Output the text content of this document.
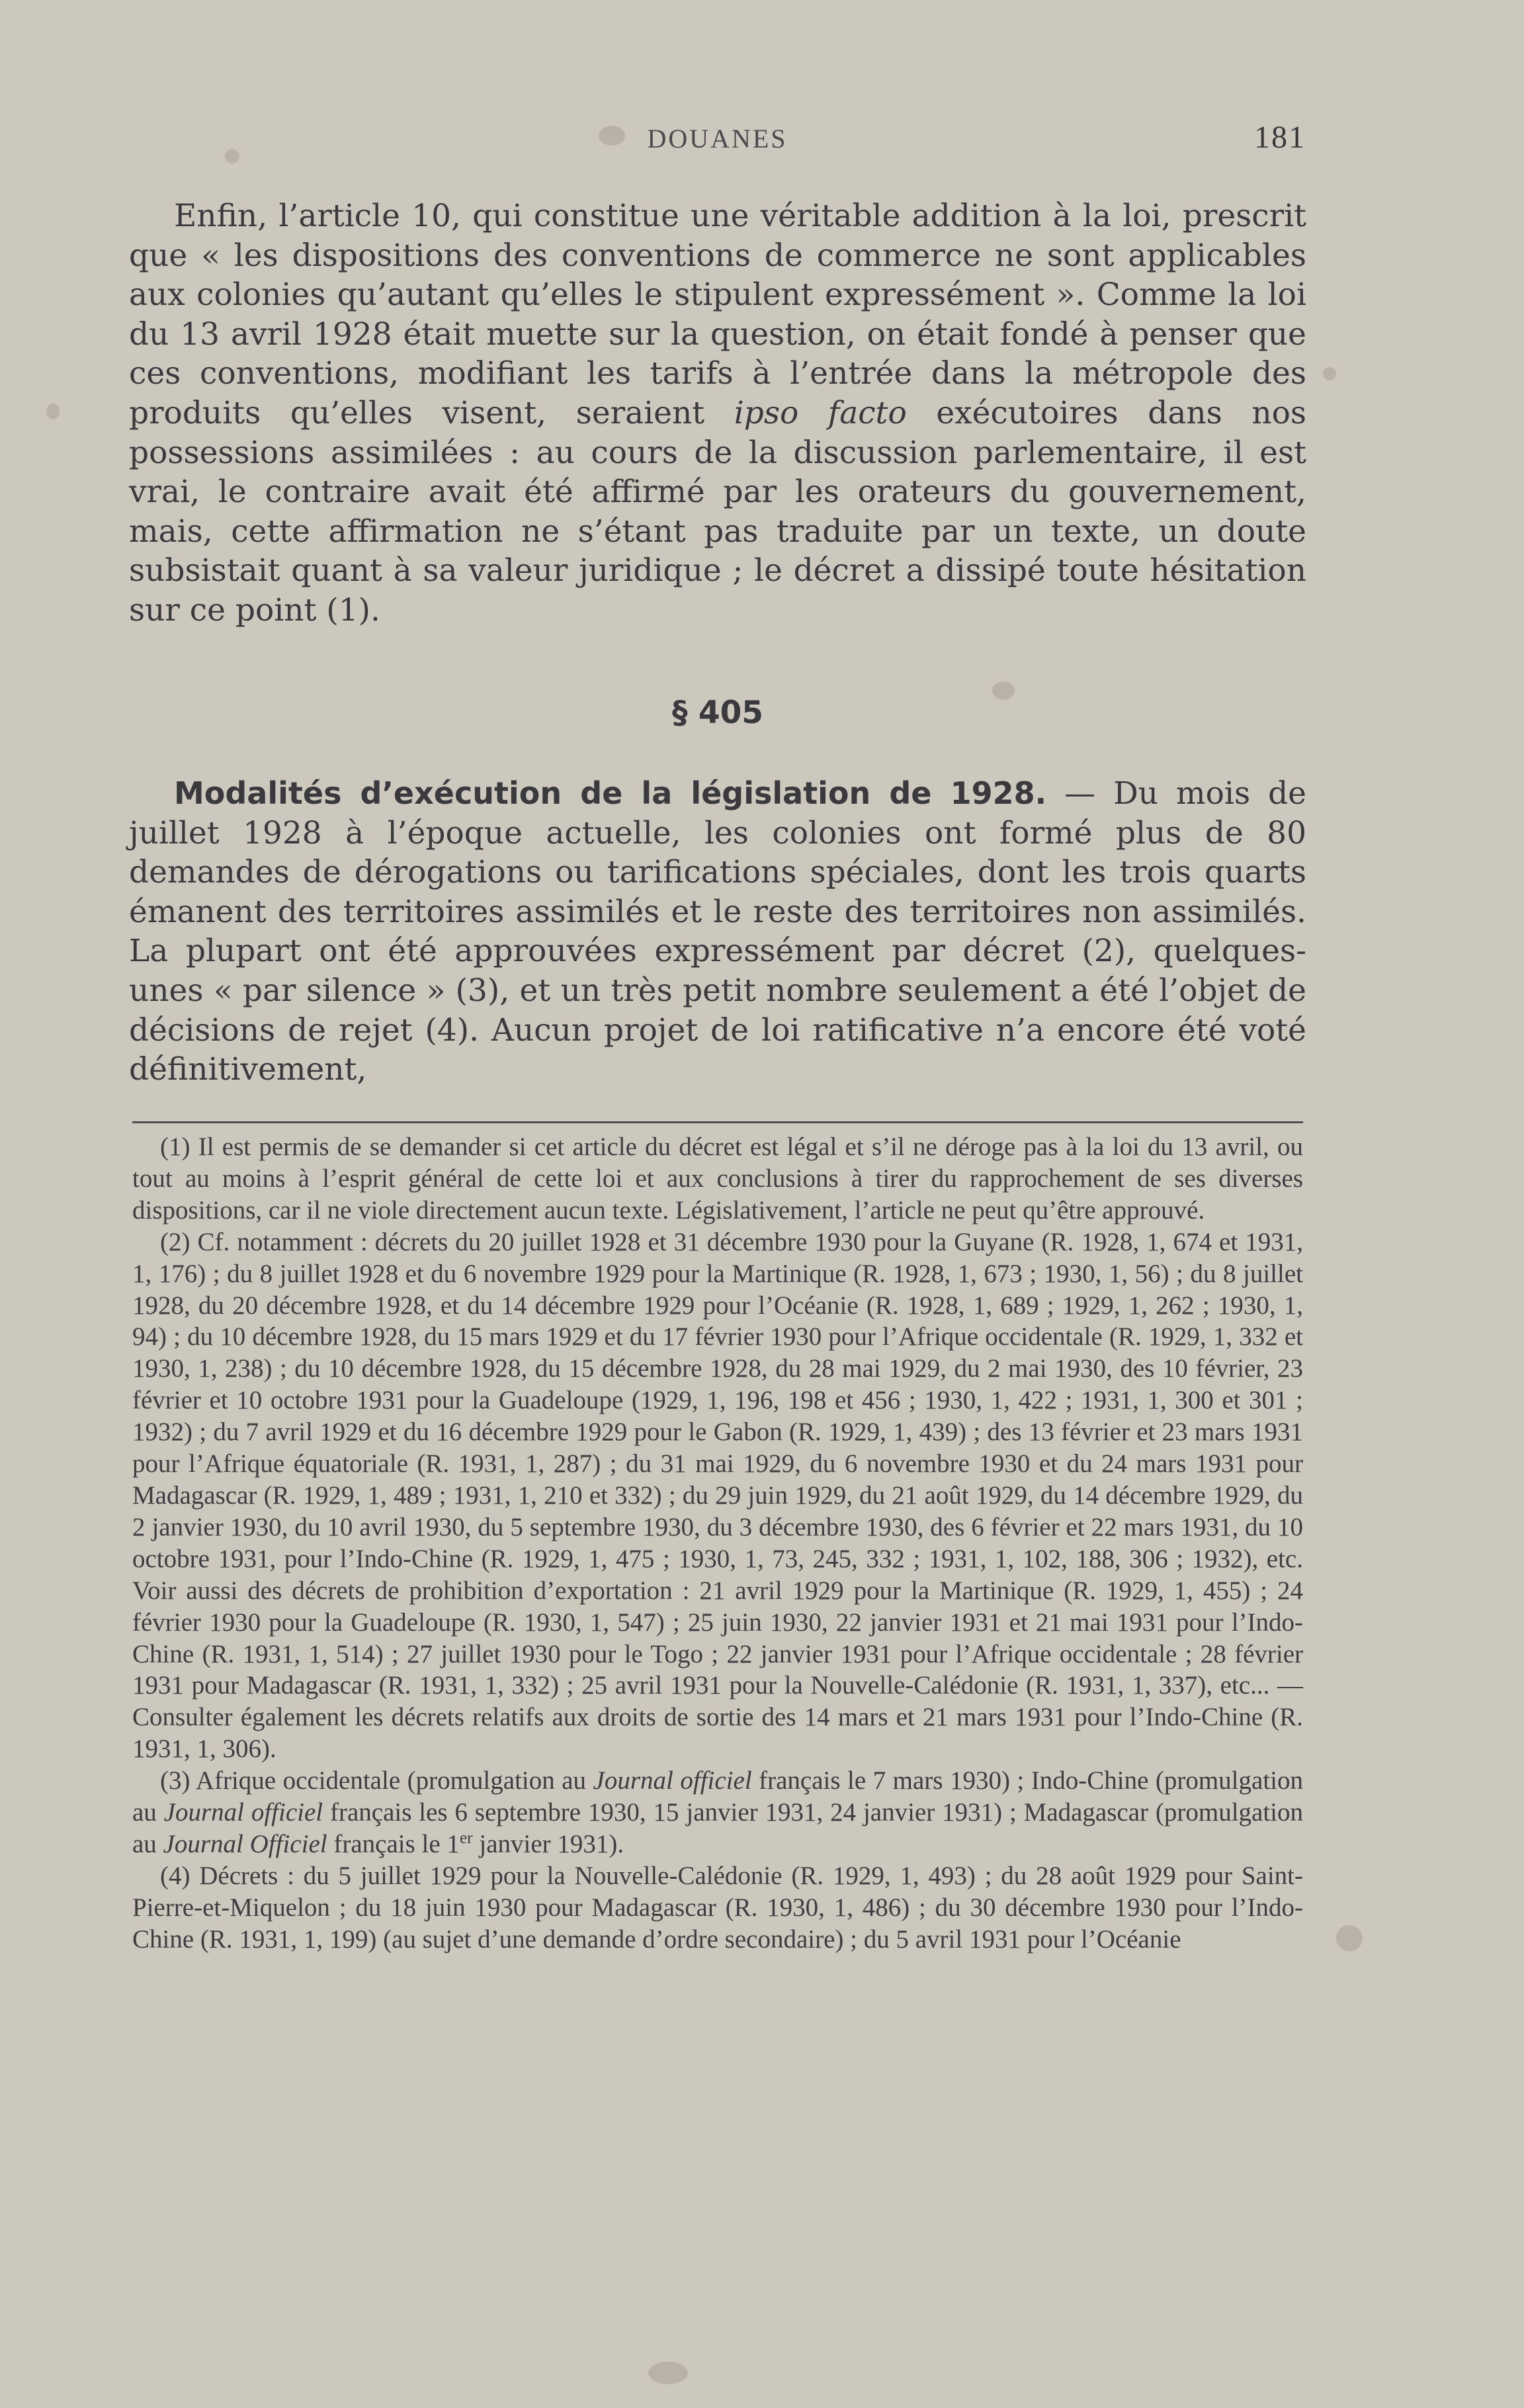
DOUANES	181
Enfin, l’article 10, qui constitue une véritable addition à la loi, prescrit que « les dispositions des conventions de commerce ne sont applicables aux colonies qu’autant qu’elles le stipulent expressément ». Comme la loi du 13 avril 1928 était muette sur la question, on était fondé à penser que ces conventions, modifiant les tarifs à l’entrée dans la métropole des produits qu’elles visent, seraient ipso facto exécutoires dans nos possessions assimilées : au cours de la discussion parlementaire, il est vrai, le contraire avait été affirmé par les orateurs du gouvernement, mais, cette affirmation ne s’étant pas traduite par un texte, un doute subsistait quant à sa valeur juridique ; le décret a dissipé toute hésitation sur ce point (1).
§ 405
Modalités d’exécution de la législation de 1928. — Du mois de juillet 1928 à l’époque actuelle, les colonies ont formé plus de 80 demandes de dérogations ou tarifications spéciales, dont les trois quarts émanent des territoires assimilés et le reste des territoires non assimilés. La plupart ont été approuvées expressément par décret (2), quelques-unes « par silence » (3), et un très petit nombre seulement a été l’objet de décisions de rejet (4). Aucun projet de loi ratificative n’a encore été voté définitivement,

(1) Il est permis de se demander si cet article du décret est légal et s’il ne déroge pas à la loi du 13 avril, ou tout au moins à l’esprit général de cette loi et aux conclusions à tirer du rapprochement de ses diverses dispositions, car il ne viole directement aucun texte. Législativement, l’article ne peut qu’être approuvé.

(2) Cf. notamment : décrets du 20 juillet 1928 et 31 décembre 1930 pour la Guyane (R. 1928, 1, 674 et 1931, 1, 176) ; du 8 juillet 1928 et du 6 novembre 1929 pour la Martinique (R. 1928, 1, 673 ; 1930, 1, 56) ; du 8 juillet 1928, du 20 décembre 1928, et du 14 décembre 1929 pour l’Océanie (R. 1928, 1, 689 ; 1929, 1, 262 ; 1930, 1, 94) ; du 10 décembre 1928, du 15 mars 1929 et du 17 février 1930 pour l’Afrique occidentale (R. 1929, 1, 332 et 1930, 1, 238) ; du 10 décembre 1928, du 15 décembre 1928, du 28 mai 1929, du 2 mai 1930, des 10 février, 23 février et 10 octobre 1931 pour la Guadeloupe (1929, 1, 196, 198 et 456 ; 1930, 1, 422 ; 1931, 1, 300 et 301 ; 1932) ; du 7 avril 1929 et du 16 décembre 1929 pour le Gabon (R. 1929, 1, 439) ; des 13 février et 23 mars 1931 pour l’Afrique équatoriale (R. 1931, 1, 287) ; du 31 mai 1929, du 6 novembre 1930 et du 24 mars 1931 pour Madagascar (R. 1929, 1, 489 ; 1931, 1, 210 et 332) ; du 29 juin 1929, du 21 août 1929, du 14 décembre 1929, du 2 janvier 1930, du 10 avril 1930, du 5 septembre 1930, du 3 décembre 1930, des 6 février et 22 mars 1931, du 10 octobre 1931, pour l’Indo-Chine (R. 1929, 1, 475 ; 1930, 1, 73, 245, 332 ; 1931, 1, 102, 188, 306 ; 1932), etc. Voir aussi des décrets de prohibition d’exportation : 21 avril 1929 pour la Martinique (R. 1929, 1, 455) ; 24 février 1930 pour la Guadeloupe (R. 1930, 1, 547) ; 25 juin 1930, 22 janvier 1931 et 21 mai 1931 pour l’Indo-Chine (R. 1931, 1, 514) ; 27 juillet 1930 pour le Togo ; 22 janvier 1931 pour l’Afrique occidentale ; 28 février 1931 pour Madagascar (R. 1931, 1, 332) ; 25 avril 1931 pour la Nouvelle-Calédonie (R. 1931, 1, 337), etc... — Consulter également les décrets relatifs aux droits de sortie des 14 mars et 21 mars 1931 pour l’Indo-Chine (R. 1931, 1, 306).

(3) Afrique occidentale (promulgation au Journal officiel français le 7 mars 1930) ; Indo-Chine (promulgation au Journal officiel français les 6 septembre 1930, 15 janvier 1931, 24 janvier 1931) ; Madagascar (promulgation au Journal Officiel français le 1er janvier 1931).

(4) Décrets : du 5 juillet 1929 pour la Nouvelle-Calédonie (R. 1929, 1, 493) ; du 28 août 1929 pour Saint-Pierre-et-Miquelon ; du 18 juin 1930 pour Madagascar (R. 1930, 1, 486) ; du 30 décembre 1930 pour l’Indo-Chine (R. 1931, 1, 199) (au sujet d’une demande d’ordre secondaire) ; du 5 avril 1931 pour l’Océanie
